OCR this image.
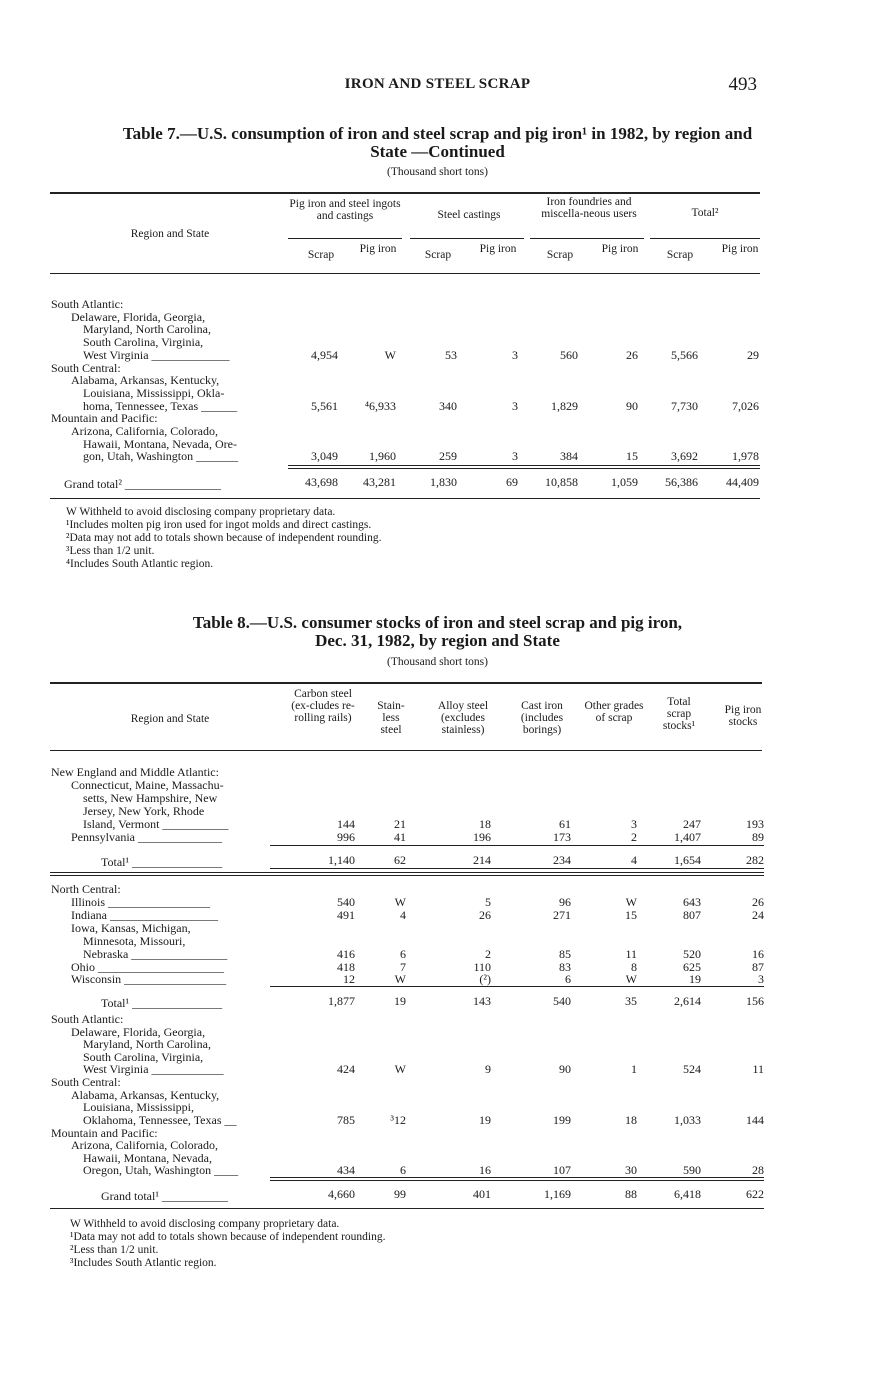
IRON AND STEEL SCRAP	493
Table 7.—U.S. consumption of iron and steel scrap and pig iron¹ in 1982, by region and
State —Continued
(Thousand short tons)
Region and State
Pig iron and steel ingots and castings	Steel castings
Iron foundries and miscella-neous users	Total²
Scrap	Pig iron	Scrap	Pig iron	Scrap	Pig iron	Scrap	Pig iron
South Atlantic:
Delaware, Florida, Georgia,
Maryland, North Carolina,
South Carolina, Virginia,
West Virginia _____________	4,954	W	53	3	560	26	5,566	29
South Central:
Alabama, Arkansas, Kentucky,
Louisiana, Mississippi, Okla-
homa, Tennessee, Texas ______	5,561	⁴6,933	340	3	1,829	90	7,730	7,026
Mountain and Pacific:
Arizona, California, Colorado,
Hawaii, Montana, Nevada, Ore-
gon, Utah, Washington _______	3,049	1,960	259	3	384	15	3,692	1,978
Grand total² ________________	43,698	43,281	1,830	69	10,858	1,059	56,386	44,409
W Withheld to avoid disclosing company proprietary data.
¹Includes molten pig iron used for ingot molds and direct castings.
²Data may not add to totals shown because of independent rounding.
³Less than 1/2 unit.
⁴Includes South Atlantic region.
Table 8.—U.S. consumer stocks of iron and steel scrap and pig iron,
Dec. 31, 1982, by region and State
(Thousand short tons)
Region and State
Carbon steel (ex-cludes re-rolling rails)
Stain-less steel
Alloy steel (excludes stainless)
Cast iron (includes borings)
Other grades of scrap
Total scrap stocks¹
Pig iron stocks
New England and Middle Atlantic:
Connecticut, Maine, Massachu-
setts, New Hampshire, New
Jersey, New York, Rhode
Island, Vermont ___________	144	21	18	61	3	247	193
Pennsylvania ______________	996	41	196	173	2	1,407	89
Total¹ _______________	1,140	62	214	234	4	1,654	282
North Central:
Illinois _________________	540	W	5	96	W	643	26
Indiana __________________	491	4	26	271	15	807	24
Iowa, Kansas, Michigan,
Minnesota, Missouri,
Nebraska ________________	416	6	2	85	11	520	16
Ohio _____________________	418	7	110	83	8	625	87
Wisconsin _________________	12	W	(²)	6	W	19	3
Total¹ _______________	1,877	19	143	540	35	2,614	156
South Atlantic:
Delaware, Florida, Georgia,
Maryland, North Carolina,
South Carolina, Virginia,
West Virginia ____________	424	W	9	90	1	524	11
South Central:
Alabama, Arkansas, Kentucky,
Louisiana, Mississippi,
Oklahoma, Tennessee, Texas __	785	³12	19	199	18	1,033	144
Mountain and Pacific:
Arizona, California, Colorado,
Hawaii, Montana, Nevada,
Oregon, Utah, Washington ____	434	6	16	107	30	590	28
Grand total¹ ___________	4,660	99	401	1,169	88	6,418	622
W Withheld to avoid disclosing company proprietary data.
¹Data may not add to totals shown because of independent rounding.
²Less than 1/2 unit.
³Includes South Atlantic region.
